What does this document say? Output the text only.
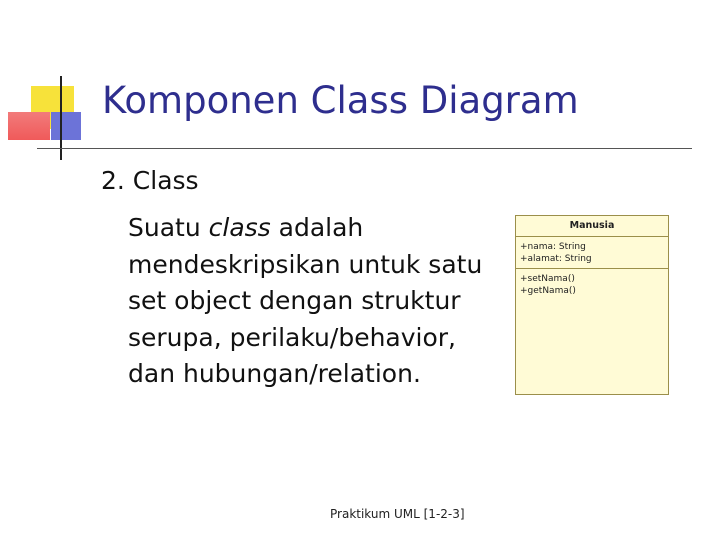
Komponen Class Diagram
2. Class
Suatu class adalah mendeskripsikan untuk satu set object dengan struktur serupa, perilaku/behavior, dan hubungan/relation.
Manusia
+nama: String
+alamat: String
+setNama()
+getNama()
Praktikum UML [1-2-3]
